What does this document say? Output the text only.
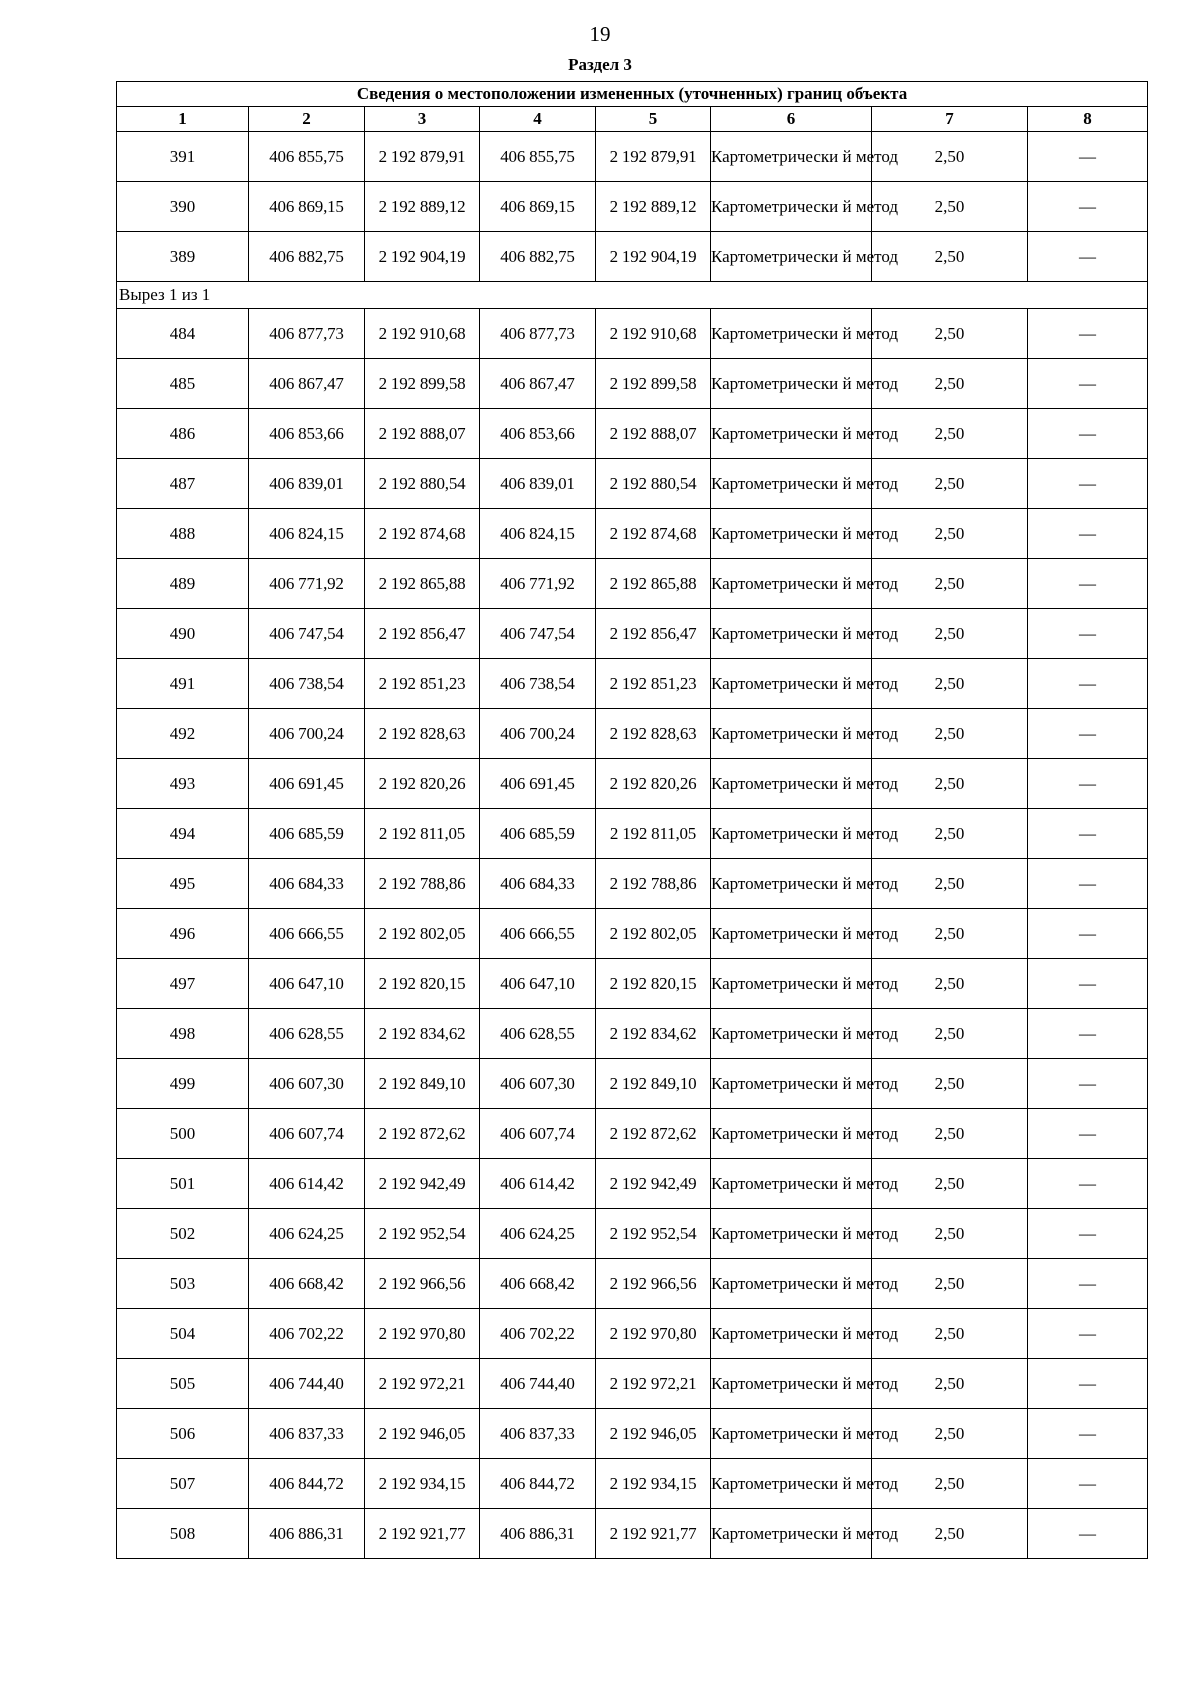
19
Раздел 3
Сведения о местоположении измененных (уточненных) границ объекта							
1	2	3	4	5	6	7	8
391	406 855,75	2 192 879,91	406 855,75	2 192 879,91	Картометрически й метод	2,50	—
390	406 869,15	2 192 889,12	406 869,15	2 192 889,12	Картометрически й метод	2,50	—
389	406 882,75	2 192 904,19	406 882,75	2 192 904,19	Картометрически й метод	2,50	—
Вырез 1 из 1							
484	406 877,73	2 192 910,68	406 877,73	2 192 910,68	Картометрически й метод	2,50	—
485	406 867,47	2 192 899,58	406 867,47	2 192 899,58	Картометрически й метод	2,50	—
486	406 853,66	2 192 888,07	406 853,66	2 192 888,07	Картометрически й метод	2,50	—
487	406 839,01	2 192 880,54	406 839,01	2 192 880,54	Картометрически й метод	2,50	—
488	406 824,15	2 192 874,68	406 824,15	2 192 874,68	Картометрически й метод	2,50	—
489	406 771,92	2 192 865,88	406 771,92	2 192 865,88	Картометрически й метод	2,50	—
490	406 747,54	2 192 856,47	406 747,54	2 192 856,47	Картометрически й метод	2,50	—
491	406 738,54	2 192 851,23	406 738,54	2 192 851,23	Картометрически й метод	2,50	—
492	406 700,24	2 192 828,63	406 700,24	2 192 828,63	Картометрически й метод	2,50	—
493	406 691,45	2 192 820,26	406 691,45	2 192 820,26	Картометрически й метод	2,50	—
494	406 685,59	2 192 811,05	406 685,59	2 192 811,05	Картометрически й метод	2,50	—
495	406 684,33	2 192 788,86	406 684,33	2 192 788,86	Картометрически й метод	2,50	—
496	406 666,55	2 192 802,05	406 666,55	2 192 802,05	Картометрически й метод	2,50	—
497	406 647,10	2 192 820,15	406 647,10	2 192 820,15	Картометрически й метод	2,50	—
498	406 628,55	2 192 834,62	406 628,55	2 192 834,62	Картометрически й метод	2,50	—
499	406 607,30	2 192 849,10	406 607,30	2 192 849,10	Картометрически й метод	2,50	—
500	406 607,74	2 192 872,62	406 607,74	2 192 872,62	Картометрически й метод	2,50	—
501	406 614,42	2 192 942,49	406 614,42	2 192 942,49	Картометрически й метод	2,50	—
502	406 624,25	2 192 952,54	406 624,25	2 192 952,54	Картометрически й метод	2,50	—
503	406 668,42	2 192 966,56	406 668,42	2 192 966,56	Картометрически й метод	2,50	—
504	406 702,22	2 192 970,80	406 702,22	2 192 970,80	Картометрически й метод	2,50	—
505	406 744,40	2 192 972,21	406 744,40	2 192 972,21	Картометрически й метод	2,50	—
506	406 837,33	2 192 946,05	406 837,33	2 192 946,05	Картометрически й метод	2,50	—
507	406 844,72	2 192 934,15	406 844,72	2 192 934,15	Картометрически й метод	2,50	—
508	406 886,31	2 192 921,77	406 886,31	2 192 921,77	Картометрически й метод	2,50	—
